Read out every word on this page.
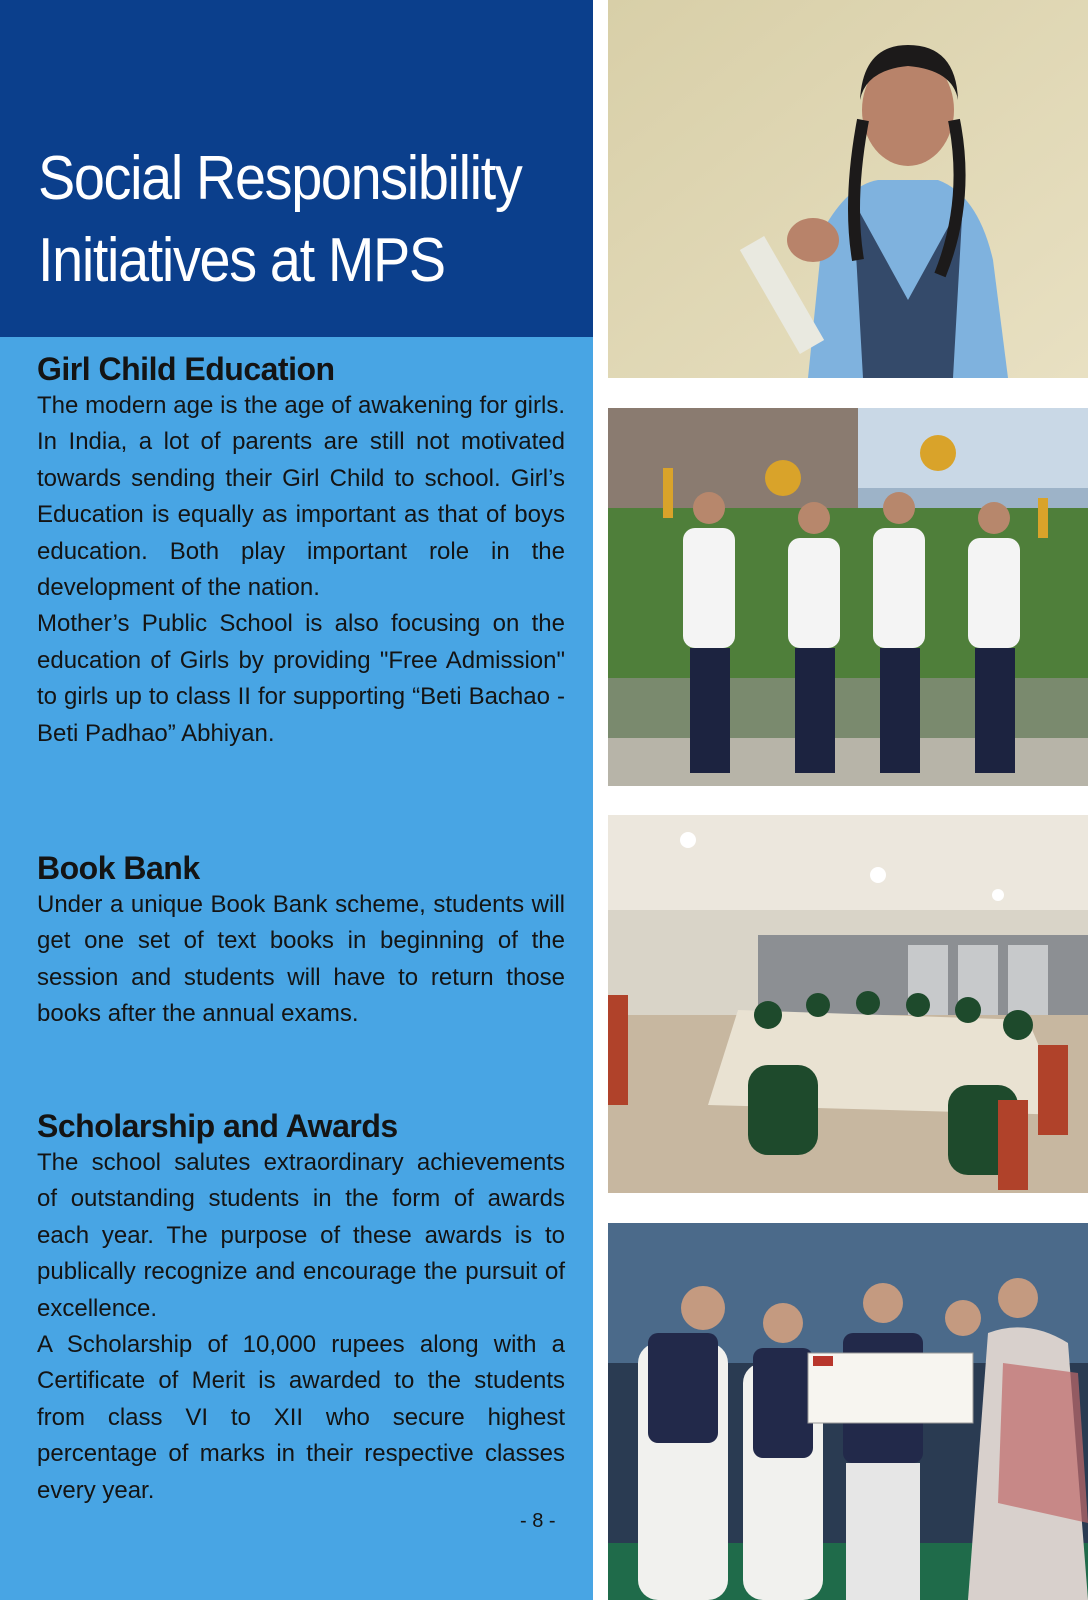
Social Responsibility
Initiatives at MPS
Girl Child Education

The modern age is the age of awakening for girls. In India, a lot of parents are still not motivated towards sending their Girl Child to school. Girl’s Education is equally as important as that of boys education. Both play important role in the development of the nation.

Mother’s Public School is also focusing on the education of Girls by providing "Free Admission" to girls up to class II for supporting “Beti Bachao - Beti Padhao” Abhiyan.

Book Bank

Under a unique Book Bank scheme, students will get one set of text books in beginning of the session and students will have to return those books after the annual exams.

Scholarship and Awards

The school salutes extraordinary achievements of outstanding students in the form of awards each year. The purpose of these awards is to publically recognize and encourage the pursuit of excellence.

A Scholarship of 10,000 rupees along with a Certificate of Merit is awarded to the students from class VI to XII who secure highest percentage of marks in their respective classes every year.

- 8 -
